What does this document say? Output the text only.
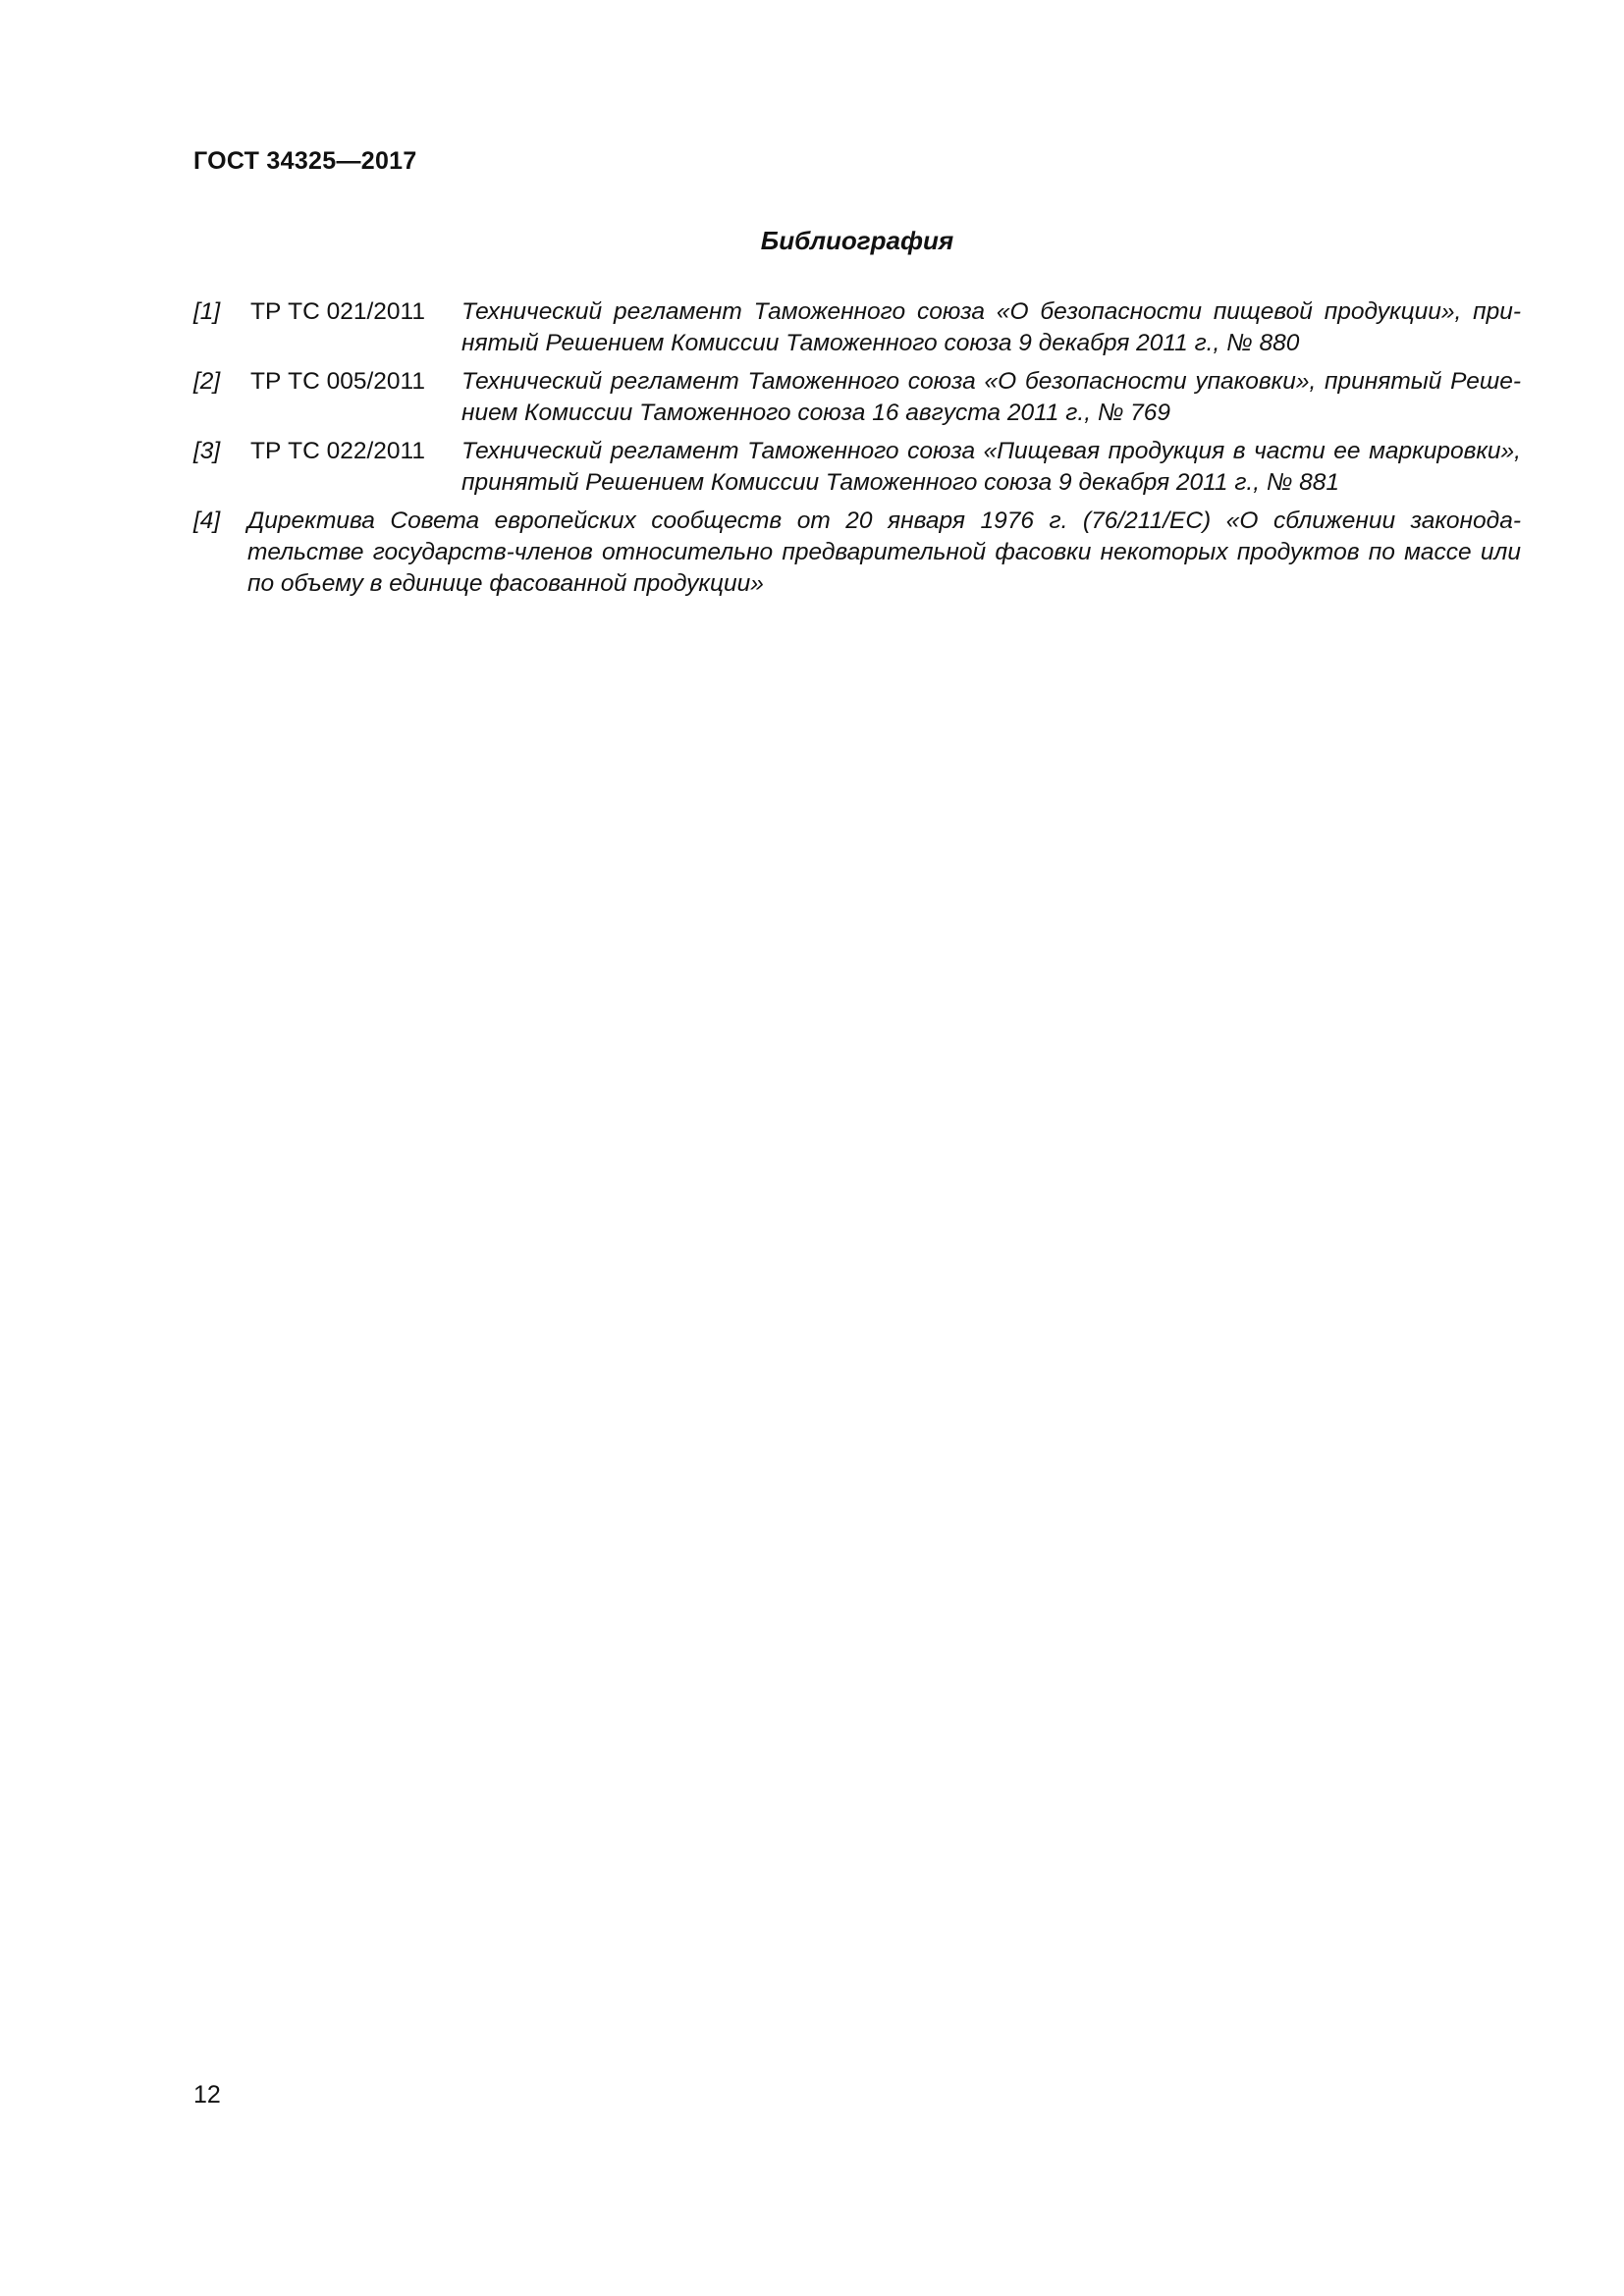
ГОСТ 34325—2017

Библиография
[1]	ТР ТС 021/2011	Технический регламент Таможенного союза «О безопасности пищевой продукции», при-
нятый Решением Комиссии Таможенного союза 9 декабря 2011 г., № 880
[2]	ТР ТС 005/2011	Технический регламент Таможенного союза «О безопасности упаковки», принятый Реше-
нием Комиссии Таможенного союза 16 августа 2011 г., № 769
[3]	ТР ТС 022/2011	Технический регламент Таможенного союза «Пищевая продукция в части ее маркировки»,
принятый Решением Комиссии Таможенного союза 9 декабря 2011 г., № 881
[4]	Директива Совета европейских сообществ от 20 января 1976 г. (76/211/ЕС) «О сближении законода-
тельстве государств-членов относительно предварительной фасовки некоторых продуктов по массе или
по объему в единице фасованной продукции»

12
